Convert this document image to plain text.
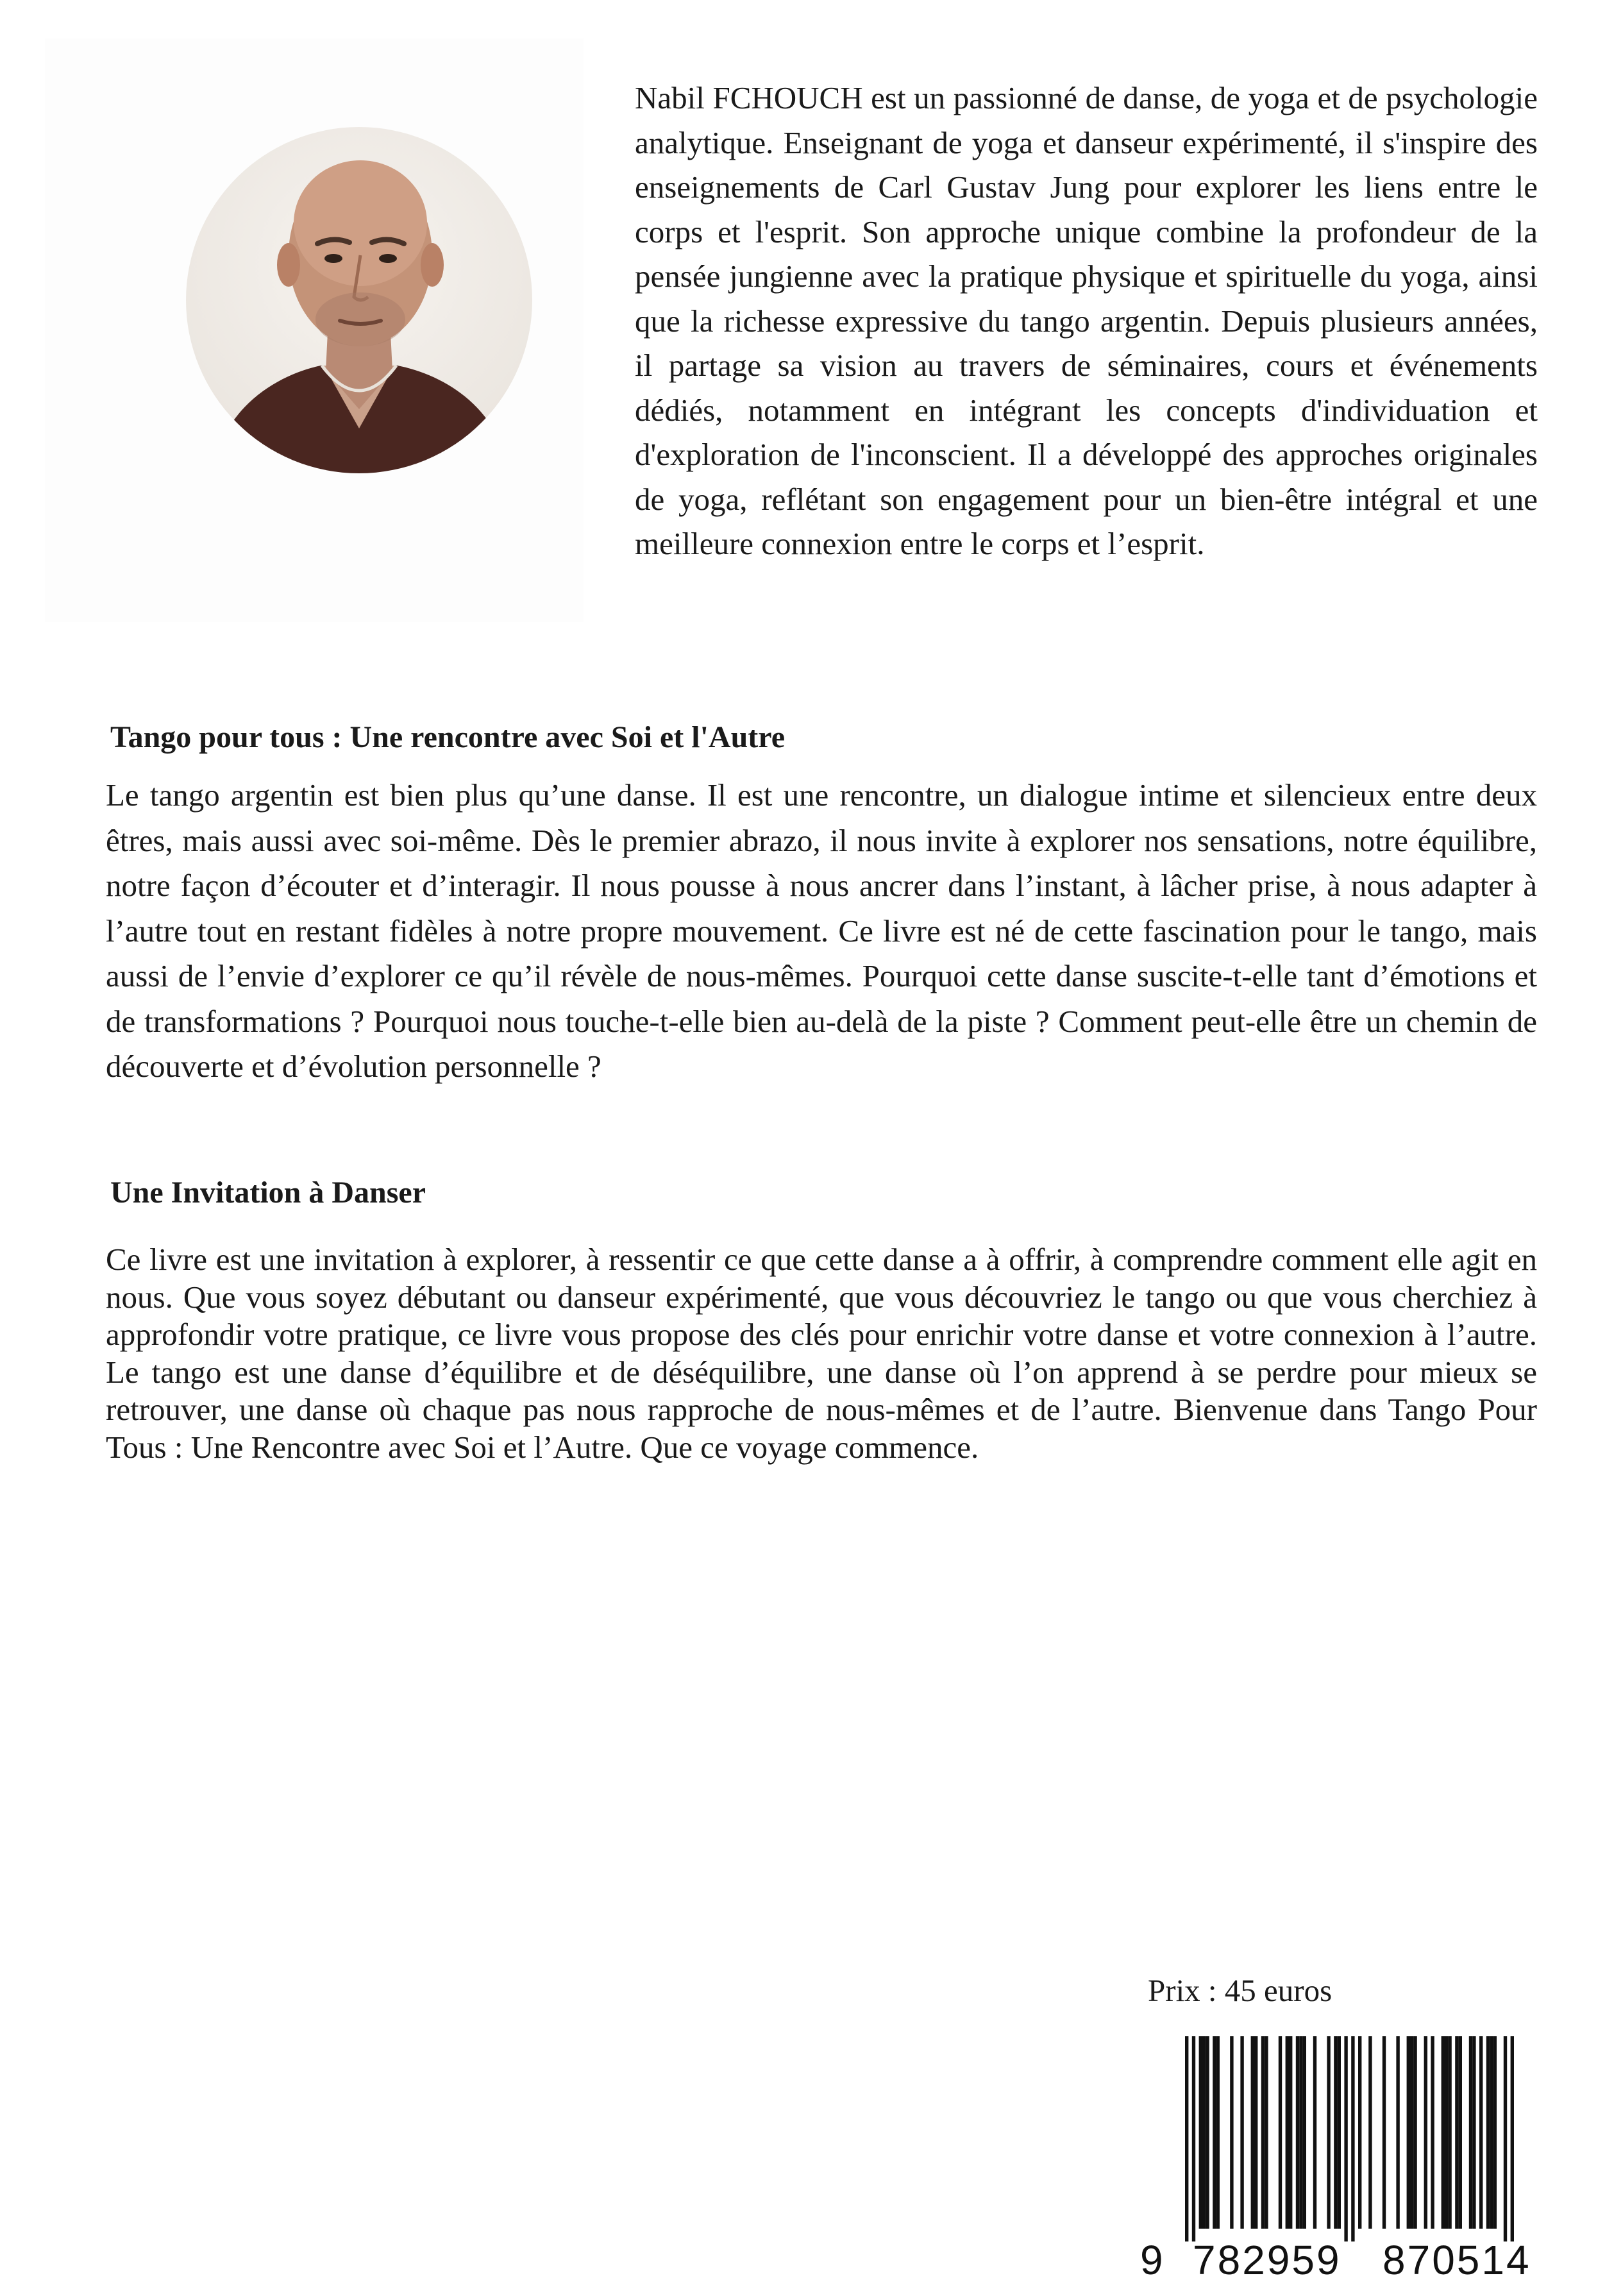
Nabil FCHOUCH est un passionné de danse, de yoga et de psychologie analytique. Enseignant de yoga et danseur expérimenté, il s'inspire des enseignements de Carl Gustav Jung pour explorer les liens entre le corps et l'esprit. Son approche unique combine la profondeur de la pensée jungienne avec la pratique physique et spirituelle du yoga, ainsi que la richesse expressive du tango argentin. Depuis plusieurs années, il partage sa vision au travers de séminaires, cours et événements dédiés, notamment en intégrant les concepts d'individuation et d'exploration de l'inconscient. Il a développé des approches originales de yoga, reflétant son engagement pour un bien-être intégral et une meilleure connexion entre le corps et l’esprit.

Tango pour tous : Une rencontre avec Soi et l'Autre

Le tango argentin est bien plus qu’une danse. Il est une rencontre, un dialogue intime et silencieux entre deux êtres, mais aussi avec soi-même. Dès le premier abrazo, il nous invite à explorer nos sensations, notre équilibre, notre façon d’écouter et d’interagir. Il nous pousse à nous ancrer dans l’instant, à lâcher prise, à nous adapter à l’autre tout en restant fidèles à notre propre mouvement. Ce livre est né de cette fascination pour le tango, mais aussi de l’envie d’explorer ce qu’il révèle de nous-mêmes. Pourquoi cette danse suscite-t-elle tant d’émotions et de transformations ? Pourquoi nous touche-t-elle bien au-delà de la piste ? Comment peut-elle être un chemin de découverte et d’évolution personnelle ?

Une Invitation à Danser

Ce livre est une invitation à explorer, à ressentir ce que cette danse a à offrir, à comprendre comment elle agit en nous. Que vous soyez débutant ou danseur expérimenté, que vous découvriez le tango ou que vous cherchiez à approfondir votre pratique, ce livre vous propose des clés pour enrichir votre danse et votre connexion à l’autre. Le tango est une danse d’équilibre et de déséquilibre, une danse où l’on apprend à se perdre pour mieux se retrouver, une danse où chaque pas nous rapproche de nous-mêmes et de l’autre. Bienvenue dans Tango Pour Tous : Une Rencontre avec Soi et l’Autre. Que ce voyage commence.

Prix : 45 euros

9 782959 870514
